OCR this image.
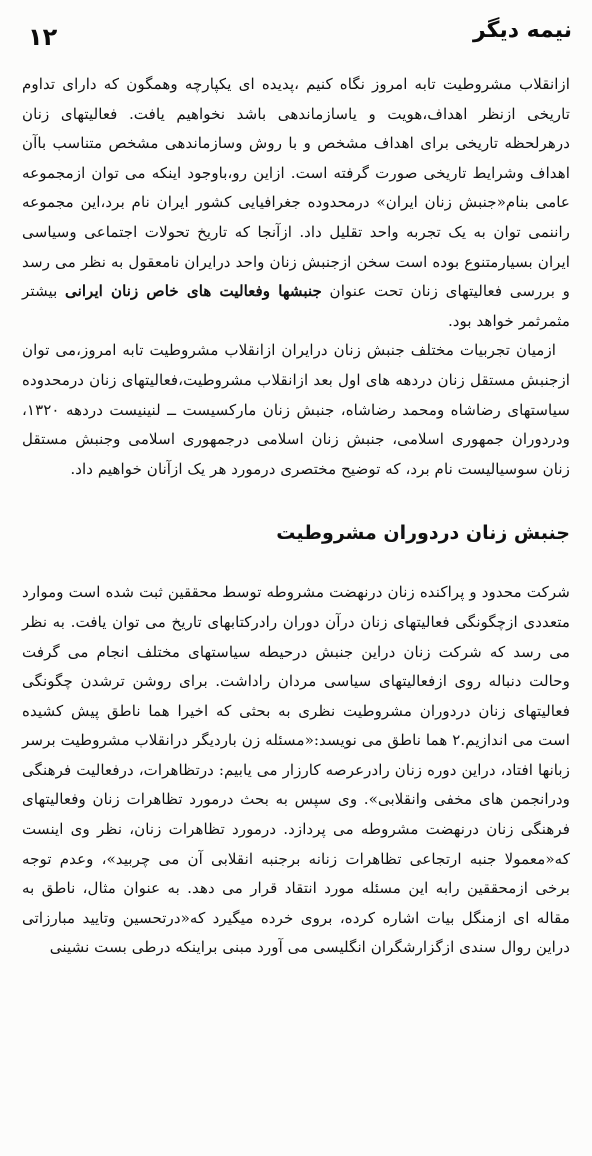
نیمه دیگر
۱۲

ازانقلاب مشروطیت تابه امروز نگاه کنیم ،پدیده ای یکپارچه وهمگون که دارای تداوم تاریخی ازنظر اهداف،هویت و یاسازماندهی باشد نخواهیم یافت. فعالیتهای زنان درهرلحظه تاریخی برای اهداف مشخص و با روش وسازماندهی مشخص متناسب باآن اهداف وشرایط تاریخی صورت گرفته است. ازاین رو،باوجود اینکه می توان ازمجموعه عامی بنام«جنبش زنان ایران» درمحدوده جغرافیایی کشور ایران نام برد،این مجموعه راننمی توان به یک تجربه واحد تقلیل داد. ازآنجا که تاریخ تحولات اجتماعی وسیاسی ایران بسیارمتنوع بوده است سخن ازجنبش زنان واحد درایران نامعقول به نظر می رسد و بررسی فعالیتهای زنان تحت عنوان جنبشها وفعالیت های خاص زنان ایرانی بیشتر مثمرثمر خواهد بود.

ازمیان تجربیات مختلف جنبش زنان درایران ازانقلاب مشروطیت تابه امروز،می توان ازجنبش مستقل زنان دردهه های اول بعد ازانقلاب مشروطیت،فعالیتهای زنان درمحدوده سیاستهای رضاشاه ومحمد رضاشاه، جنبش زنان مارکسیست ــ لنینیست دردهه ۱۳۲۰، ودردوران جمهوری اسلامی، جنبش زنان اسلامی درجمهوری اسلامی وجنبش مستقل زنان سوسیالیست نام برد، که توضیح مختصری درمورد هر یک ازآنان خواهیم داد.

جنبش زنان دردوران مشروطیت

شرکت محدود و پراکنده زنان درنهضت مشروطه توسط محققین ثبت شده است وموارد متعددی ازچگونگی فعالیتهای زنان درآن دوران رادرکتابهای تاریخ می توان یافت. به نظر می رسد که شرکت زنان دراین جنبش درحیطه سیاستهای مختلف انجام می گرفت وحالت دنباله روی ازفعالیتهای سیاسی مردان راداشت. برای روشن ترشدن چگونگی فعالیتهای زنان دردوران مشروطیت نظری به بحثی که اخیرا هما ناطق پیش کشیده است می اندازیم.۲ هما ناطق می نویسد:«مسئله زن باردیگر درانقلاب مشروطیت برسر زبانها افتاد، دراین دوره زنان رادرعرصه کارزار می یابیم: درتظاهرات، درفعالیت فرهنگی ودرانجمن های مخفی وانقلابی». وی سپس به بحث درمورد تظاهرات زنان وفعالیتهای فرهنگی زنان درنهضت مشروطه می پردازد. درمورد تظاهرات زنان، نظر وی اینست که«معمولا جنبه ارتجاعی تظاهرات زنانه برجنبه انقلابی آن می چربید»، وعدم توجه برخی ازمحققین رابه این مسئله مورد انتقاد قرار می دهد. به عنوان مثال، ناطق به مقاله ای ازمنگل بیات اشاره کرده، بروی خرده میگیرد که«درتحسین وتایید مبارزاتی دراین روال سندی ازگزارشگران انگلیسی می آورد مبنی براینکه درطی بست نشینی
